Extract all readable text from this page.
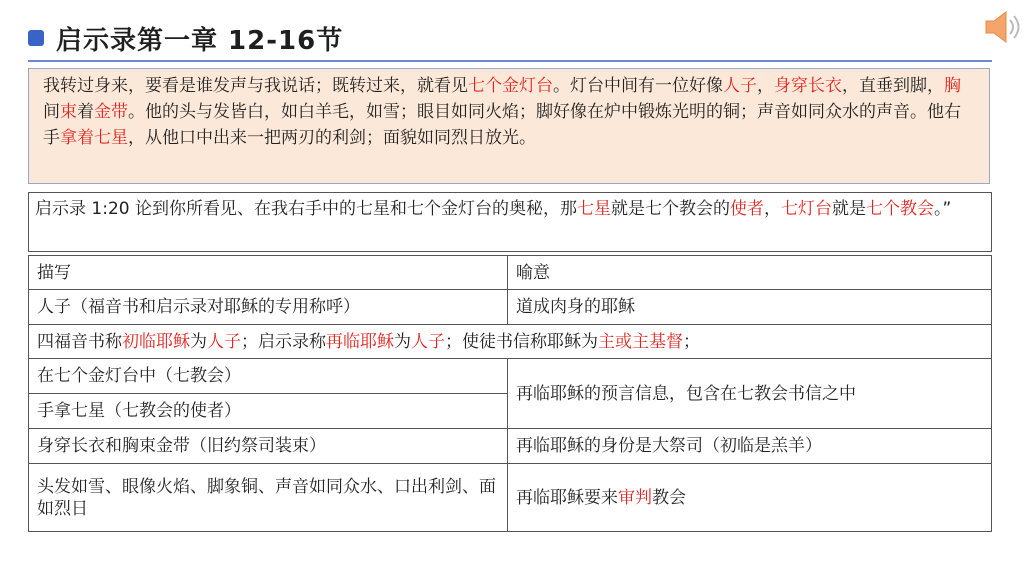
启示录第一章 12-16节
我转过身来，要看是谁发声与我说话；既转过来，就看见七个金灯台。灯台中间有一位好像人子，身穿长衣，直垂到脚，胸间束着金带。他的头与发皆白，如白羊毛，如雪；眼目如同火焰；脚好像在炉中锻炼光明的铜；声音如同众水的声音。他右手拿着七星，从他口中出来一把两刃的利剑；面貌如同烈日放光。
启示录 1:20 论到你所看见、在我右手中的七星和七个金灯台的奥秘，那七星就是七个教会的使者，七灯台就是七个教会。”
描写	喻意
人子（福音书和启示录对耶稣的专用称呼）	道成肉身的耶稣
四福音书称初临耶稣为人子；启示录称再临耶稣为人子；使徒书信称耶稣为主或主基督；	
在七个金灯台中（七教会）	再临耶稣的预言信息，包含在七教会书信之中
手拿七星（七教会的使者）	
身穿长衣和胸束金带（旧约祭司装束）	再临耶稣的身份是大祭司（初临是羔羊）
头发如雪、眼像火焰、脚象铜、声音如同众水、口出利剑、面如烈日	再临耶稣要来审判教会
